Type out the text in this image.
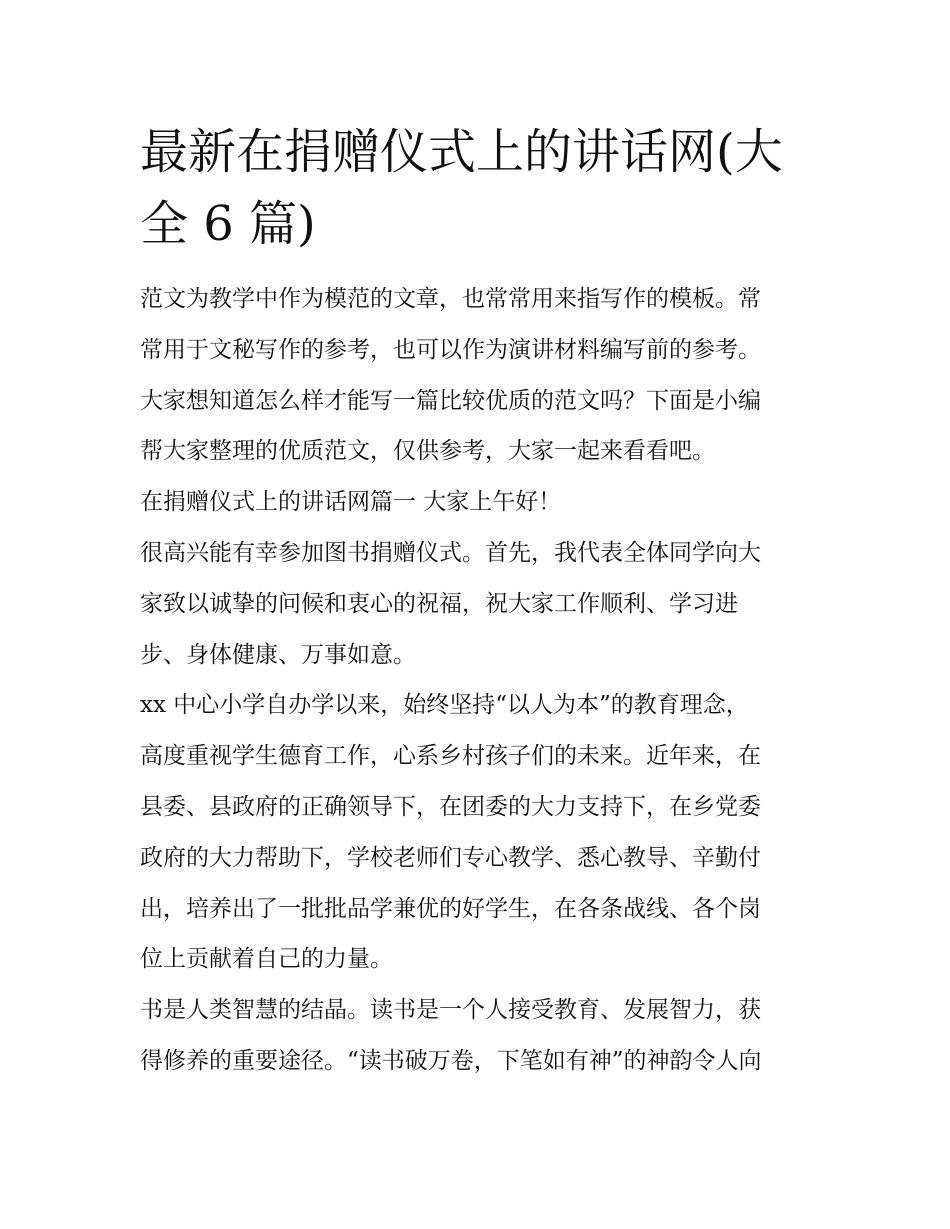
最新在捐赠仪式上的讲话网(大
全 6 篇)
范文为教学中作为模范的文章，也常常用来指写作的模板。常
常用于文秘写作的参考，也可以作为演讲材料编写前的参考。
大家想知道怎么样才能写一篇比较优质的范文吗？下面是小编
帮大家整理的优质范文，仅供参考，大家一起来看看吧。
在捐赠仪式上的讲话网篇一 大家上午好！
很高兴能有幸参加图书捐赠仪式。首先，我代表全体同学向大
家致以诚挚的问候和衷心的祝福，祝大家工作顺利、学习进
步、身体健康、万事如意。
xx 中心小学自办学以来，始终坚持“以人为本”的教育理念，
高度重视学生德育工作，心系乡村孩子们的未来。近年来，在
县委、县政府的正确领导下，在团委的大力支持下，在乡党委
政府的大力帮助下，学校老师们专心教学、悉心教导、辛勤付
出，培养出了一批批品学兼优的好学生，在各条战线、各个岗
位上贡献着自己的力量。
书是人类智慧的结晶。读书是一个人接受教育、发展智力，获
得修养的重要途径。“读书破万卷，下笔如有神”的神韵令人向
